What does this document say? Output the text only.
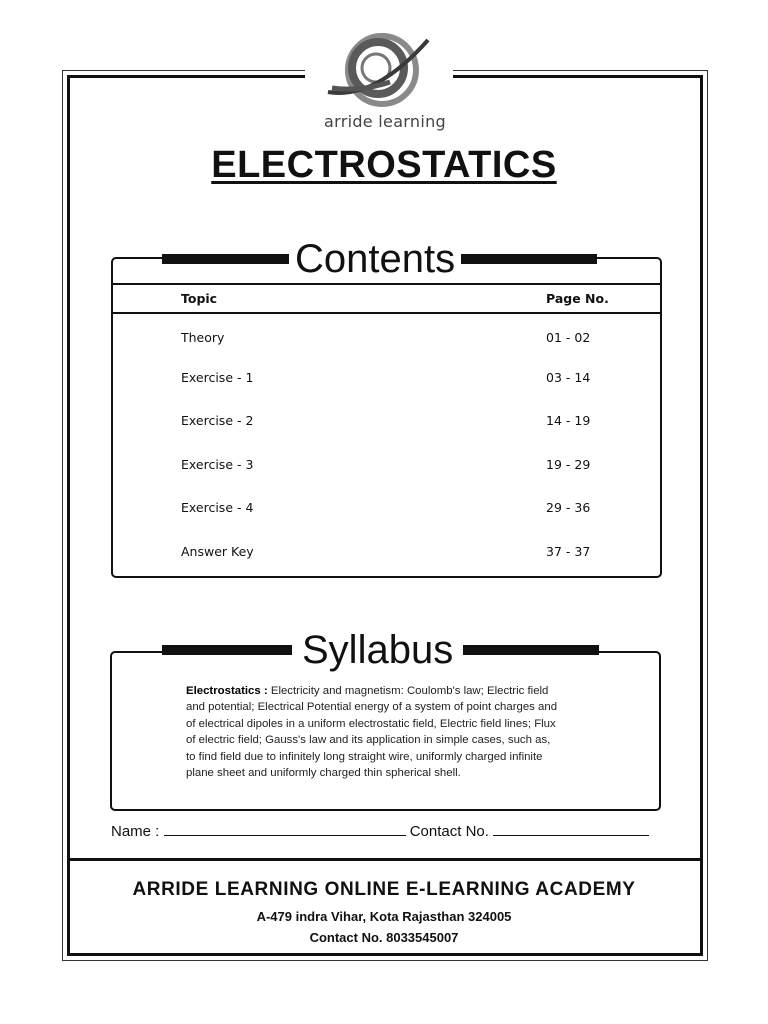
arride learning
ELECTROSTATICS
Contents
Topic	Page No.
Theory	01 - 02
Exercise - 1	03 - 14
Exercise - 2	14 - 19
Exercise - 3	19 - 29
Exercise - 4	29 - 36
Answer Key	37 - 37
Syllabus
Electrostatics : Electricity and magnetism: Coulomb's law; Electric field
and potential; Electrical Potential energy of a system of point charges and
of electrical dipoles in a uniform electrostatic field, Electric field lines; Flux
of electric field; Gauss's law and its application in simple cases, such as,
to find field due to infinitely long straight wire, uniformly charged infinite
plane sheet and uniformly charged thin spherical shell.
Name :	Contact No.
ARRIDE LEARNING ONLINE E-LEARNING ACADEMY
A-479 indra Vihar, Kota Rajasthan 324005
Contact No. 8033545007
